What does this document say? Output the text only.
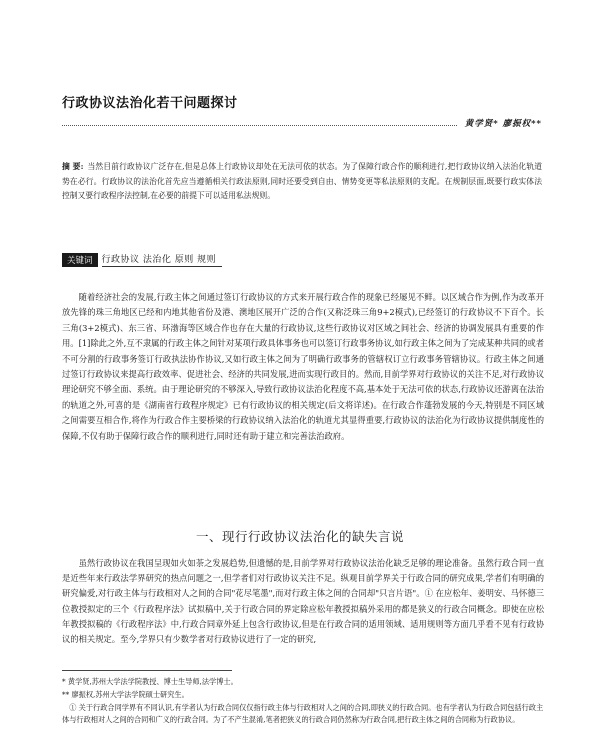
行政协议法治化若干问题探讨
黄学贤* 廖振权**
摘 要: 当然目前行政协议广泛存在,但是总体上行政协议却处在无法可依的状态。为了保障行政合作的顺利进行,把行政协议纳入法治化轨道势在必行。行政协议的法治化首先应当遵循相关行政法原则,同时还要受到自由、情势变更等私法原则的支配。在规制层面,既要行政实体法控制又要行政程序法控制,在必要的前提下可以适用私法规则。
关键词	行政协议 法治化 原则 规则
随着经济社会的发展,行政主体之间通过签订行政协议的方式来开展行政合作的现象已经屡见不鲜。以区域合作为例,作为改革开放先锋的珠三角地区已经和内地其他省份及港、澳地区展开广泛的合作(又称泛珠三角9+2模式),已经签订的行政协议不下百个。长三角(3+2模式)、东三省、环渤海等区域合作也存在大量的行政协议,这些行政协议对区域之间社会、经济的协调发展具有重要的作用。[1]除此之外,互不隶属的行政主体之间针对某项行政具体事务也可以签订行政事务协议,如行政主体之间为了完成某种共同的或者不可分割的行政事务签订行政执法协作协议,又如行政主体之间为了明确行政事务的管辖权订立行政事务管辖协议。行政主体之间通过签订行政协议来提高行政效率、促进社会、经济的共同发展,进而实现行政目的。然而,目前学界对行政协议的关注不足,对行政协议理论研究不够全面、系统。由于理论研究的不够深入,导致行政协议法治化程度不高,基本处于无法可依的状态,行政协议还游离在法治的轨道之外,可喜的是《湖南省行政程序规定》已有行政协议的相关规定(后文将详述)。在行政合作蓬勃发展的今天,特别是不同区域之间需要互相合作,将作为行政合作主要桥梁的行政协议纳入法治化的轨道尤其显得重要,行政协议的法治化为行政协议提供制度性的保障,不仅有助于保障行政合作的顺利进行,同时还有助于建立和完善法治政府。
一、现行行政协议法治化的缺失言说
虽然行政协议在我国呈现如火如荼之发展趋势,但遗憾的是,目前学界对行政协议法治化缺乏足够的理论准备。虽然行政合同一直是近些年来行政法学界研究的热点问题之一,但学者们对行政协议关注不足。纵观目前学界关于行政合同的研究成果,学者们有明确的研究偏爱,对行政主体与行政相对人之间的合同"花尽笔墨",而对行政主体之间的合同却"只言片语"。① 在应松年、姜明安、马怀德三位教授拟定的三个《行政程序法》试拟稿中,关于行政合同的界定除应松年教授拟稿外采用的都是狭义的行政合同概念。即使在应松年教授拟稿的《行政程序法》中,行政合同章外延上包含行政协议,但是在行政合同的适用领域、适用规则等方面几乎看不见有行政协议的相关规定。至今,学界只有少数学者对行政协议进行了一定的研究,

* 黄学贤,苏州大学法学院教授、博士生导师,法学博士。

** 廖振权,苏州大学法学院硕士研究生。

① 关于行政合同学界有不同认识,有学者认为行政合同仅仅指行政主体与行政相对人之间的合同,即狭义的行政合同。也有学者认为行政合同包括行政主体与行政相对人之间的合同和广义的行政合同。为了不产生混淆,笔者把狭义的行政合同仍然称为行政合同,把行政主体之间的合同称为行政协议。
